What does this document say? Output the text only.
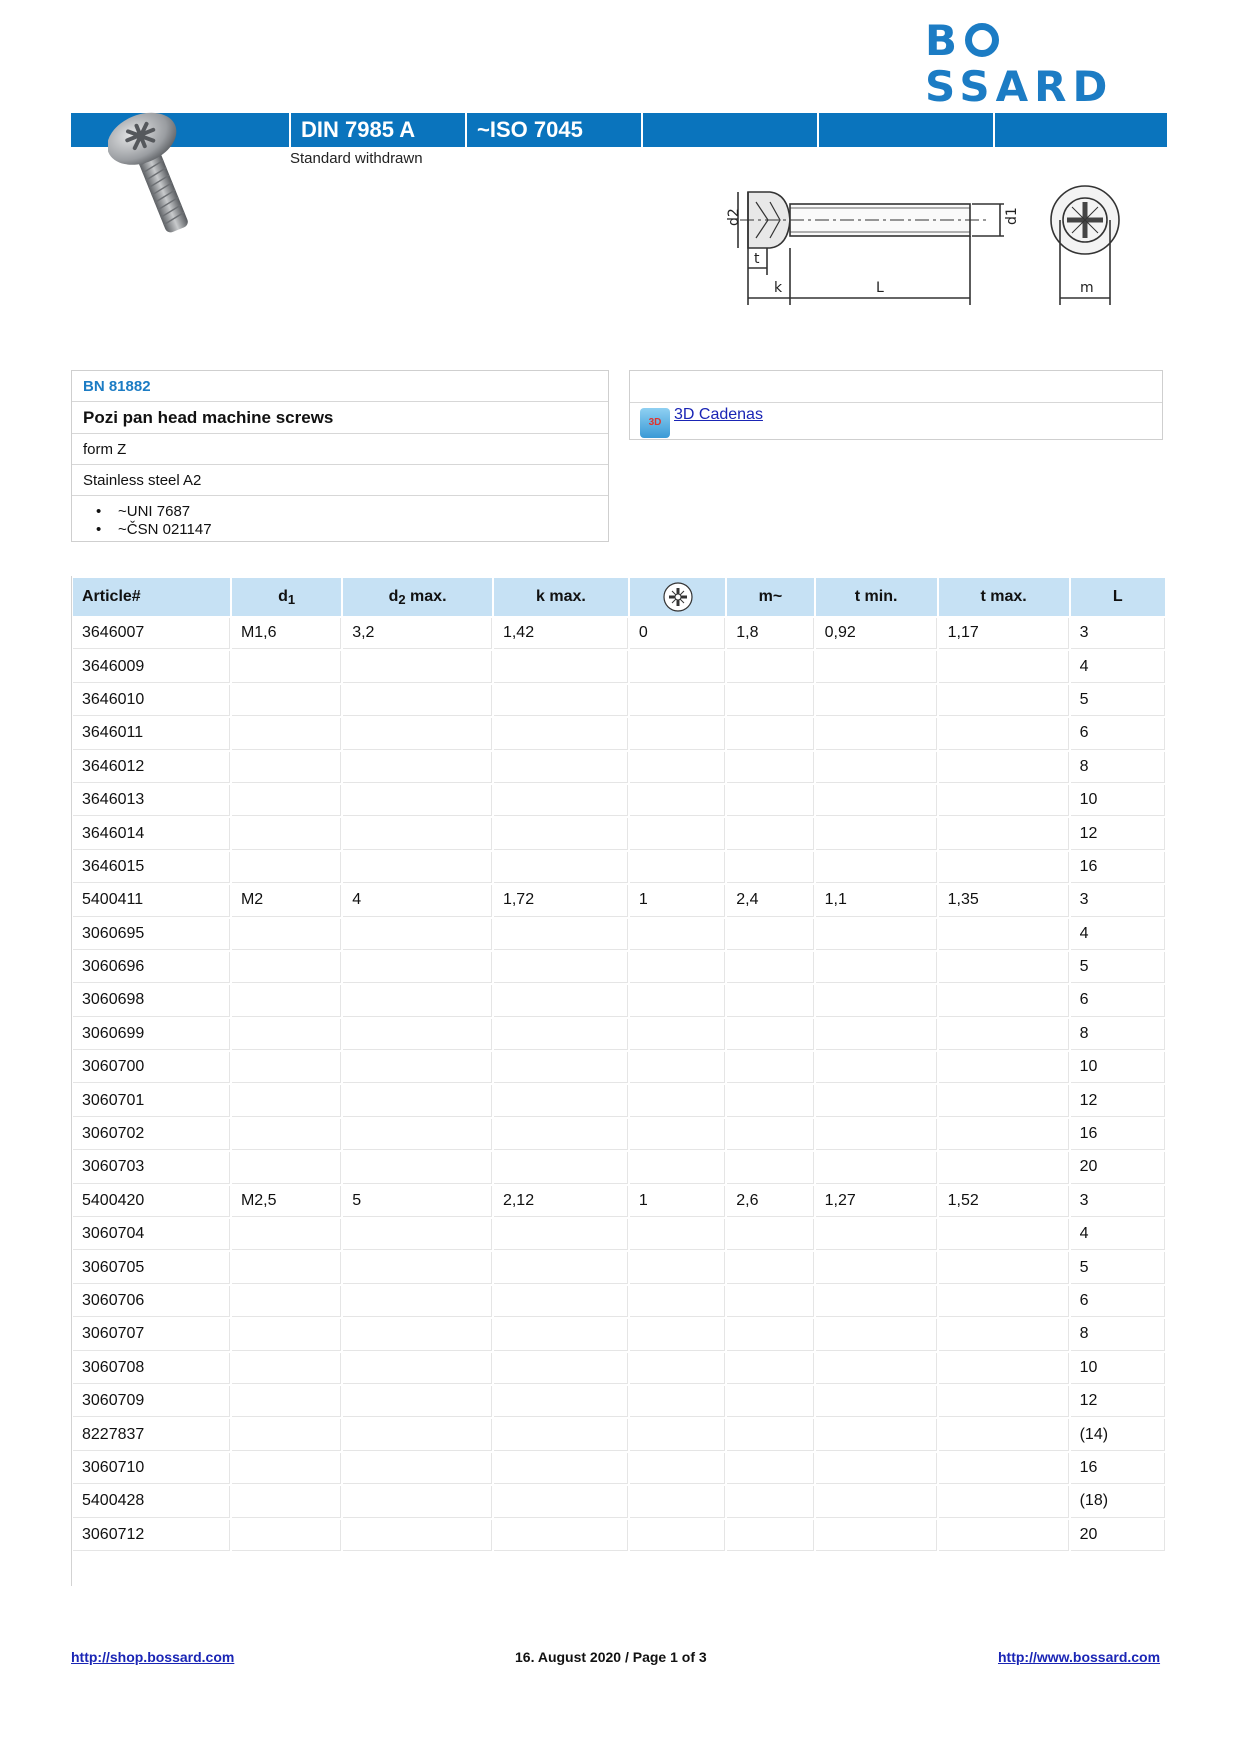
BSSARD
DIN 7985 A	~ISO 7045
Standard withdrawn
d2	d1
t
k	L	m
BN 81882
Pozi pan head machine screws
form Z
Stainless steel A2
• ~UNI 7687
• ~ČSN 021147
3D 3D Cadenas
Article#	$d_1$	$d_2$ max.	k max.		m~	t min.	t max.	L
3646007	M1,6	3,2	1,42	0	1,8	0,92	1,17	3
3646009								4
3646010								5
3646011								6
3646012								8
3646013								10
3646014								12
3646015								16
5400411	M2	4	1,72	1	2,4	1,1	1,35	3
3060695								4
3060696								5
3060698								6
3060699								8
3060700								10
3060701								12
3060702								16
3060703								20
5400420	M2,5	5	2,12	1	2,6	1,27	1,52	3
3060704								4
3060705								5
3060706								6
3060707								8
3060708								10
3060709								12
8227837								(14)
3060710								16
5400428								(18)
3060712								20
http://shop.bossard.com	16. August 2020 / Page 1 of 3	http://www.bossard.com
